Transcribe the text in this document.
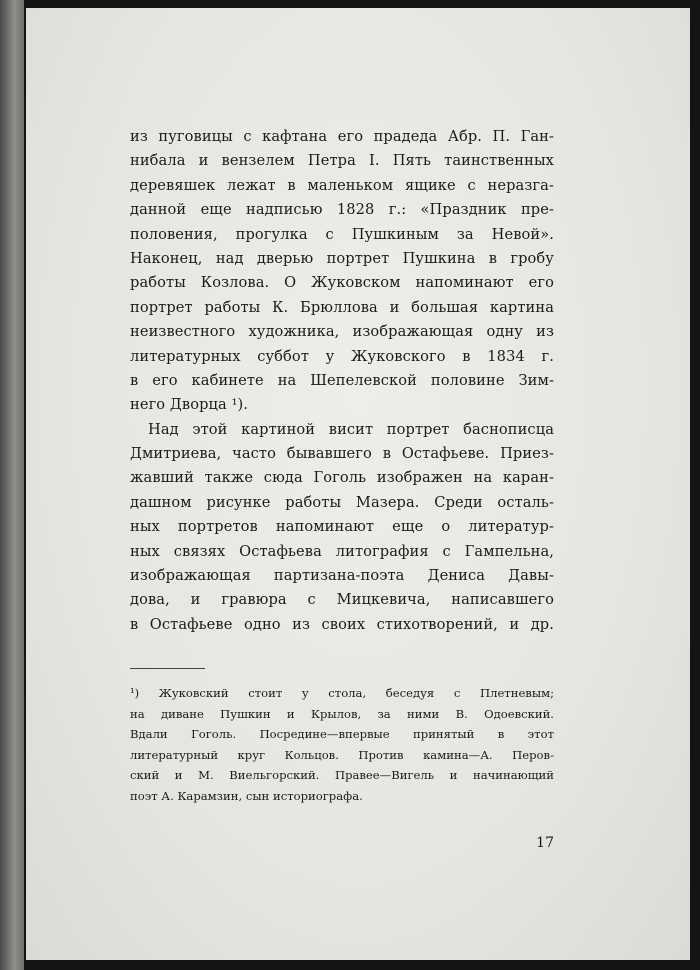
из пуговицы с кафтана его прадеда Абр. П. Ган-
нибала и вензелем Петра I. Пять таинственных
деревяшек лежат в маленьком ящике с неразга-
данной еще надписью 1828 г.: «Праздник пре-
половения, прогулка с Пушкиным за Невой».
Наконец, над дверью портрет Пушкина в гробу
работы Козлова. О Жуковском напоминают его
портрет работы К. Брюллова и большая картина
неизвестного художника, изображающая одну из
литературных суббот у Жуковского в 1834 г.
в его кабинете на Шепелевской половине Зим-
него Дворца ¹).
Над этой картиной висит портрет баснописца
Дмитриева, часто бывавшего в Остафьеве. Приез-
жавший также сюда Гоголь изображен на каран-
дашном рисунке работы Мазера. Среди осталь-
ных портретов напоминают еще о литератур-
ных связях Остафьева литография с Гампельна,
изображающая партизана-поэта Дениса Давы-
дова, и гравюра с Мицкевича, написавшего
в Остафьеве одно из своих стихотворений, и др.
¹) Жуковский стоит у стола, беседуя с Плетневым;
на диване Пушкин и Крылов, за ними В. Одоевский.
Вдали Гоголь. Посредине—впервые принятый в этот
литературный круг Кольцов. Против камина—А. Перов-
ский и М. Виельгорский. Правее—Вигель и начинающий
поэт А. Карамзин, сын историографа.
17
